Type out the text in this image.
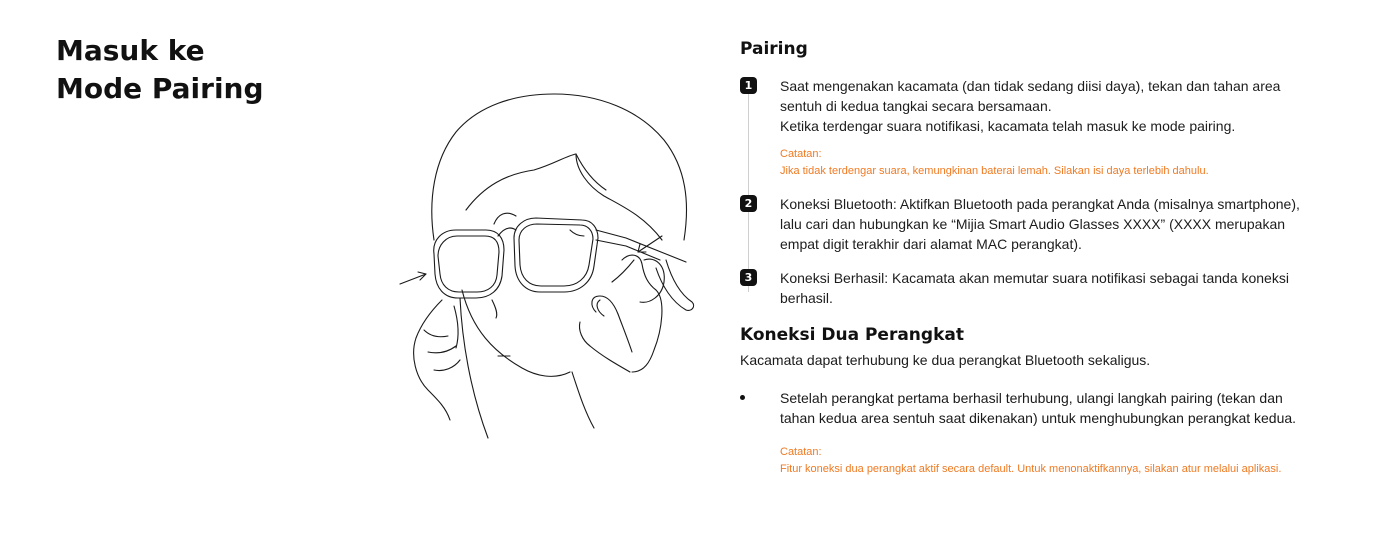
Masuk ke
Mode Pairing
Pairing
1	Saat mengenakan kacamata (dan tidak sedang diisi daya), tekan dan tahan area sentuh di kedua tangkai secara bersamaan.
Ketika terdengar suara notifikasi, kacamata telah masuk ke mode pairing.
Catatan:
Jika tidak terdengar suara, kemungkinan baterai lemah. Silakan isi daya terlebih dahulu.
2	Koneksi Bluetooth: Aktifkan Bluetooth pada perangkat Anda (misalnya smartphone), lalu cari dan hubungkan ke “Mijia Smart Audio Glasses XXXX” (XXXX merupakan empat digit terakhir dari alamat MAC perangkat).
3	Koneksi Berhasil: Kacamata akan memutar suara notifikasi sebagai tanda koneksi berhasil.
Koneksi Dua Perangkat
Kacamata dapat terhubung ke dua perangkat Bluetooth sekaligus.
Setelah perangkat pertama berhasil terhubung, ulangi langkah pairing (tekan dan tahan kedua area sentuh saat dikenakan) untuk menghubungkan perangkat kedua.
Catatan:
Fitur koneksi dua perangkat aktif secara default. Untuk menonaktifkannya, silakan atur melalui aplikasi.
